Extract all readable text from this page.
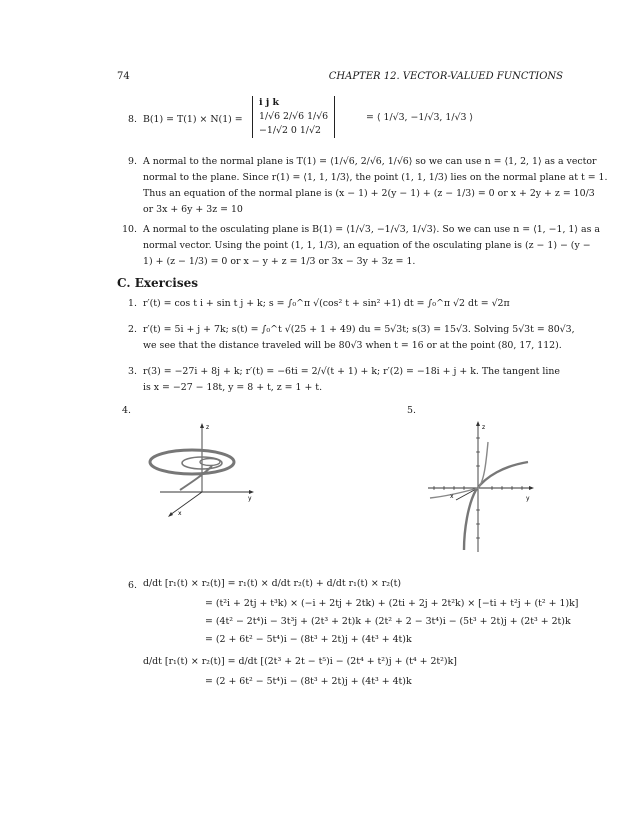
74	CHAPTER 12. VECTOR-VALUED FUNCTIONS
8. B(1) = T(1) × N(1) =
i j k
1/√6 2/√6 1/√6
−1/√2 0 1/√2
= ⟨ 1/√3, −1/√3, 1/√3 ⟩
9. A normal to the normal plane is T(1) = ⟨1/√6, 2/√6, 1/√6⟩ so we can use n = ⟨1, 2, 1⟩ as a vector
normal to the plane. Since r(1) = ⟨1, 1, 1/3⟩, the point (1, 1, 1/3) lies on the normal plane at t = 1.
Thus an equation of the normal plane is (x − 1) + 2(y − 1) + (z − 1/3) = 0 or x + 2y + z = 10/3
or 3x + 6y + 3z = 10
10. A normal to the osculating plane is B(1) = ⟨1/√3, −1/√3, 1/√3⟩. So we can use n = ⟨1, −1, 1⟩ as a
normal vector. Using the point (1, 1, 1/3), an equation of the osculating plane is (z − 1) − (y −
1) + (z − 1/3) = 0 or x − y + z = 1/3 or 3x − 3y + 3z = 1.
C. Exercises
1. r′(t) = cos t i + sin t j + k; s = ∫₀^π √(cos² t + sin² +1) dt = ∫₀^π √2 dt = √2π
2. r′(t) = 5i + j + 7k; s(t) = ∫₀^t √(25 + 1 + 49) du = 5√3t; s(3) = 15√3. Solving 5√3t = 80√3,
we see that the distance traveled will be 80√3 when t = 16 or at the point (80, 17, 112).
3. r(3) = −27i + 8j + k; r′(t) = −6ti = 2/√(t + 1) + k; r′(2) = −18i + j + k. The tangent line
is x = −27 − 18t, y = 8 + t, z = 1 + t.
4.
z
y
x
5.
z
y
x
6. d/dt [r₁(t) × r₂(t)] = r₁(t) × d/dt r₂(t) + d/dt r₁(t) × r₂(t)
= (t²i + 2tj + t³k) × (−i + 2tj + 2tk) + (2ti + 2j + 2t²k) × [−ti + t²j + (t² + 1)k]
= (4t² − 2t⁴)i − 3t³j + (2t³ + 2t)k + (2t² + 2 − 3t⁴)i − (5t³ + 2t)j + (2t³ + 2t)k
= (2 + 6t² − 5t⁴)i − (8t³ + 2t)j + (4t³ + 4t)k
d/dt [r₁(t) × r₂(t)] = d/dt [(2t³ + 2t − t⁵)i − (2t⁴ + t²)j + (t⁴ + 2t²)k]
= (2 + 6t² − 5t⁴)i − (8t³ + 2t)j + (4t³ + 4t)k
